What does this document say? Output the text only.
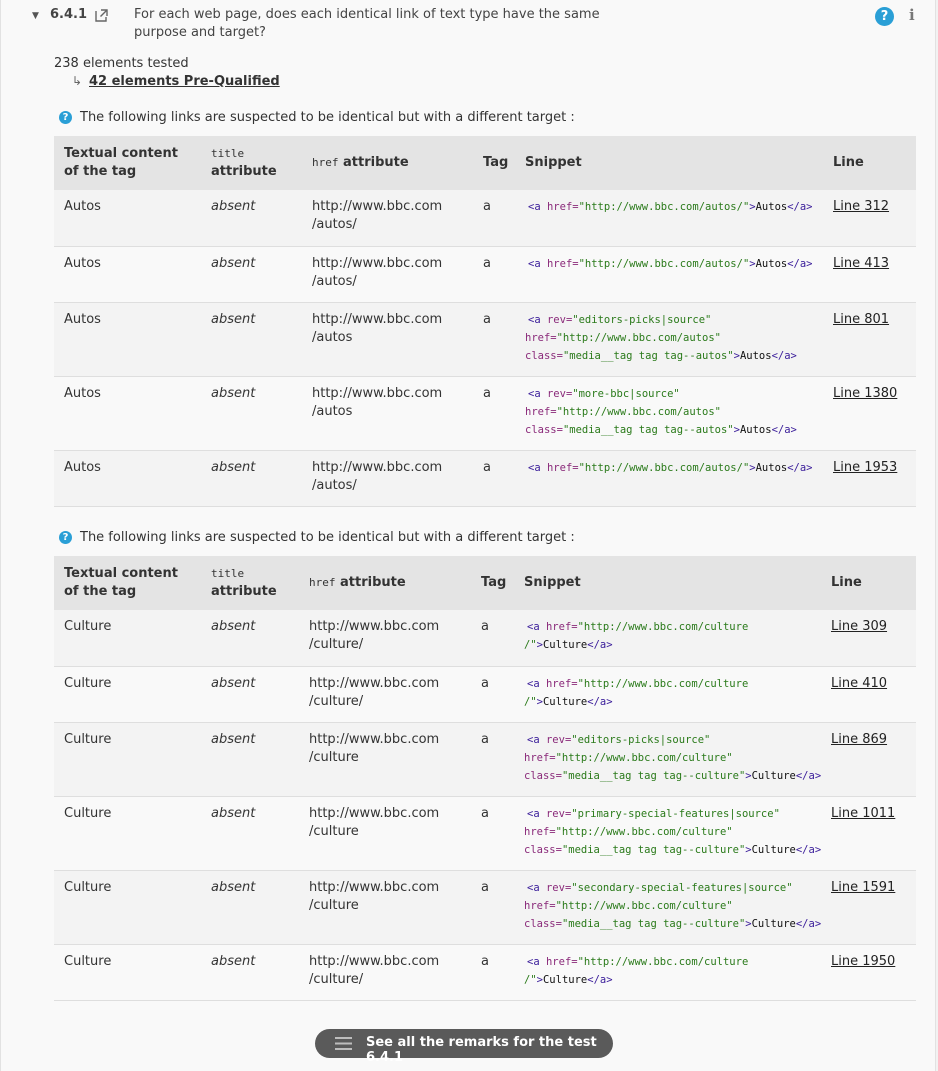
▼ 6.4.1	For each web page, does each identical link of text type have the same purpose and target?
?	i
238 elements tested
↳ 42 elements Pre-Qualified
? The following links are suspected to be identical but with a different target :
Textual content of the tag	title
attribute	href attribute	Tag	Snippet	Line
Autos	absent	http://www.bbc.com
/autos/	a	<a href="http://www.bbc.com/autos/">Autos</a>	Line 312
Autos	absent	http://www.bbc.com
/autos/	a	<a href="http://www.bbc.com/autos/">Autos</a>	Line 413
Autos	absent	http://www.bbc.com
/autos	a	<a rev="editors-picks|source"
href="http://www.bbc.com/autos"
class="media__tag tag tag--autos">Autos</a>	Line 801
Autos	absent	http://www.bbc.com
/autos	a	<a rev="more-bbc|source"
href="http://www.bbc.com/autos"
class="media__tag tag tag--autos">Autos</a>	Line 1380
Autos	absent	http://www.bbc.com
/autos/	a	<a href="http://www.bbc.com/autos/">Autos</a>	Line 1953
? The following links are suspected to be identical but with a different target :
Textual content of the tag	title
attribute	href attribute	Tag	Snippet	Line
Culture	absent	http://www.bbc.com
/culture/	a	<a href="http://www.bbc.com/culture
/">Culture</a>	Line 309
Culture	absent	http://www.bbc.com
/culture/	a	<a href="http://www.bbc.com/culture
/">Culture</a>	Line 410
Culture	absent	http://www.bbc.com
/culture	a	<a rev="editors-picks|source"
href="http://www.bbc.com/culture"
class="media__tag tag tag--culture">Culture</a>	Line 869
Culture	absent	http://www.bbc.com
/culture	a	<a rev="primary-special-features|source"
href="http://www.bbc.com/culture"
class="media__tag tag tag--culture">Culture</a>	Line 1011
Culture	absent	http://www.bbc.com
/culture	a	<a rev="secondary-special-features|source"
href="http://www.bbc.com/culture"
class="media__tag tag tag--culture">Culture</a>	Line 1591
Culture	absent	http://www.bbc.com
/culture/	a	<a href="http://www.bbc.com/culture
/">Culture</a>	Line 1950
See all the remarks for the test 6.4.1
